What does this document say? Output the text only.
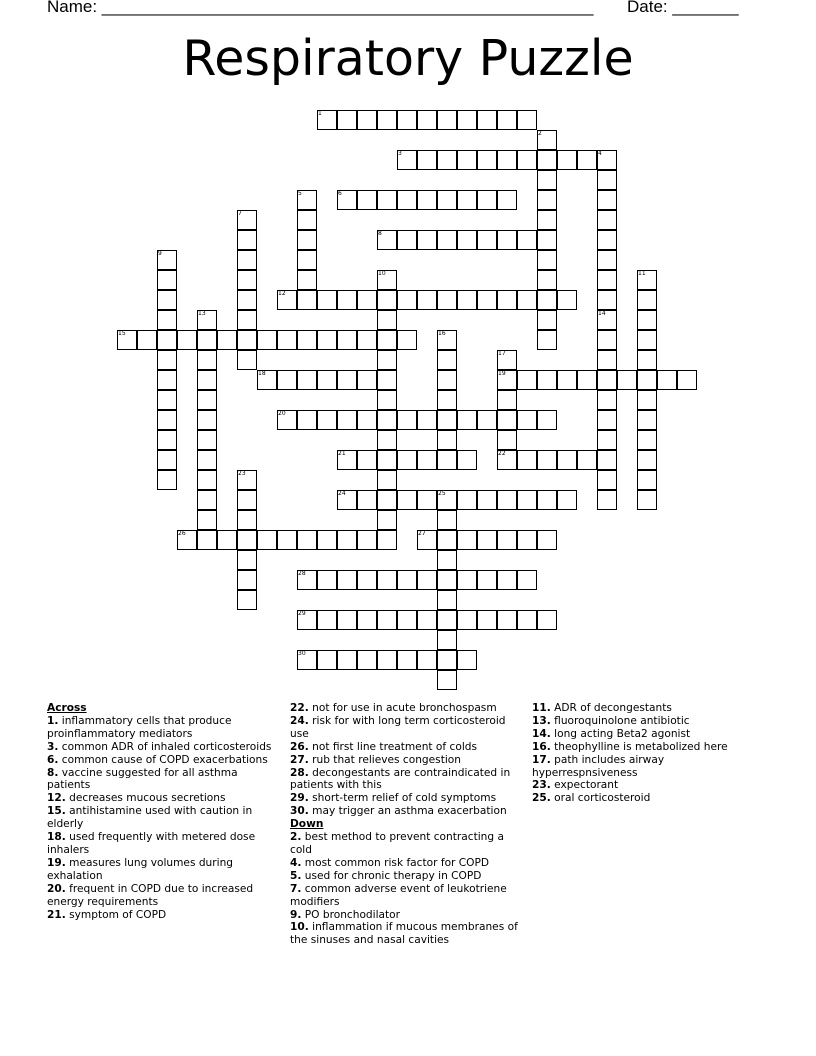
Name: ____________________________________________________ Date: _______
Respiratory Puzzle
1
2
3	4
5	6
7
8
9
10	11
12
13	14
15	16
17
18	19
20
21	22
23
24	25
26	27
28
29
30
Across
1. inflammatory cells that produce proinflammatory mediators
3. common ADR of inhaled corticosteroids
6. common cause of COPD exacerbations
8. vaccine suggested for all asthma patients
12. decreases mucous secretions
15. antihistamine used with caution in elderly
18. used frequently with metered dose inhalers
19. measures lung volumes during exhalation
20. frequent in COPD due to increased energy requirements
21. symptom of COPD
22. not for use in acute bronchospasm
24. risk for with long term corticosteroid use
26. not first line treatment of colds
27. rub that relieves congestion
28. decongestants are contraindicated in patients with this
29. short-term relief of cold symptoms
30. may trigger an asthma exacerbation
Down
2. best method to prevent contracting a cold
4. most common risk factor for COPD
5. used for chronic therapy in COPD
7. common adverse event of leukotriene modifiers
9. PO bronchodilator
10. inflammation if mucous membranes of the sinuses and nasal cavities
11. ADR of decongestants
13. fluoroquinolone antibiotic
14. long acting Beta2 agonist
16. theophylline is metabolized here
17. path includes airway hyperrespnsiveness
23. expectorant
25. oral corticosteroid
